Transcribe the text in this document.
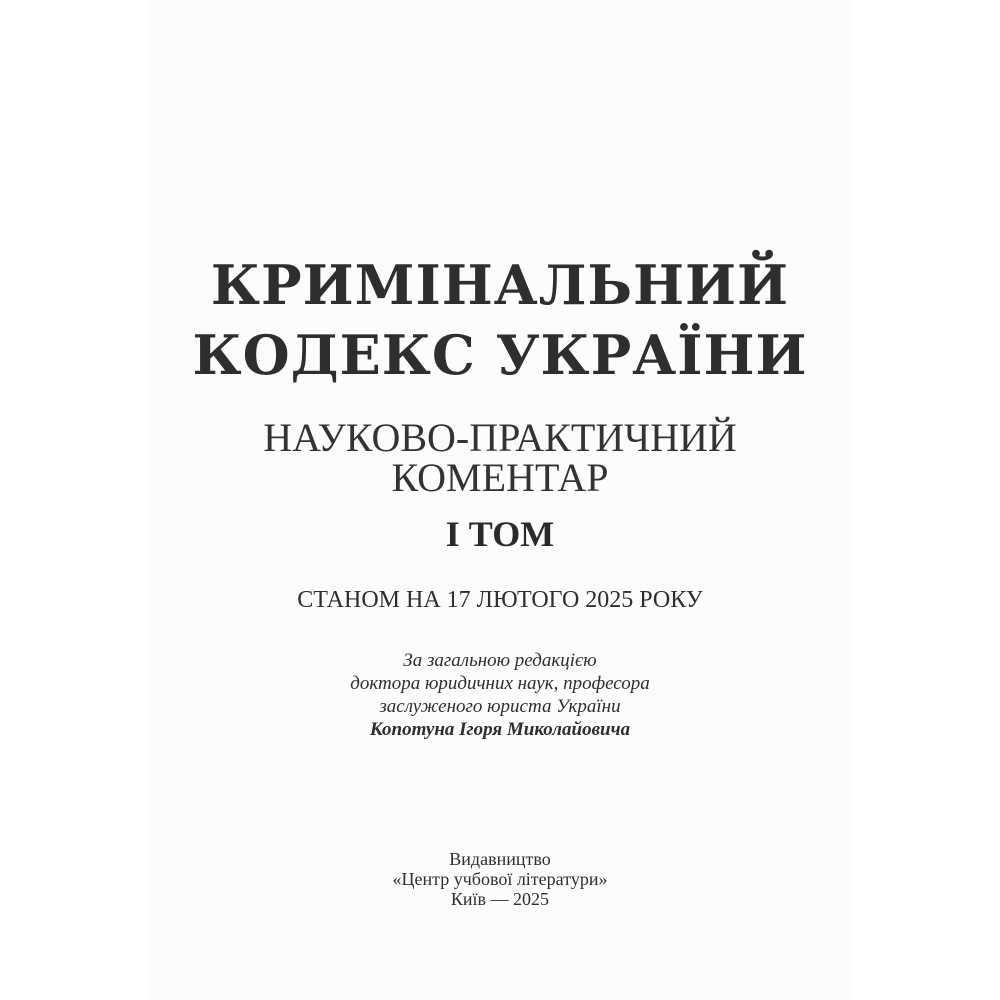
КРИМІНАЛЬНИЙ
КОДЕКС УКРАЇНИ
НАУКОВО-ПРАКТИЧНИЙ
КОМЕНТАР
І ТОМ
СТАНОМ НА 17 ЛЮТОГО 2025 РОКУ
За загальною редакцією
доктора юридичних наук, професора
заслуженого юриста України
Копотуна Ігоря Миколайовича
Видавництво
«Центр учбової літератури»
Київ — 2025
